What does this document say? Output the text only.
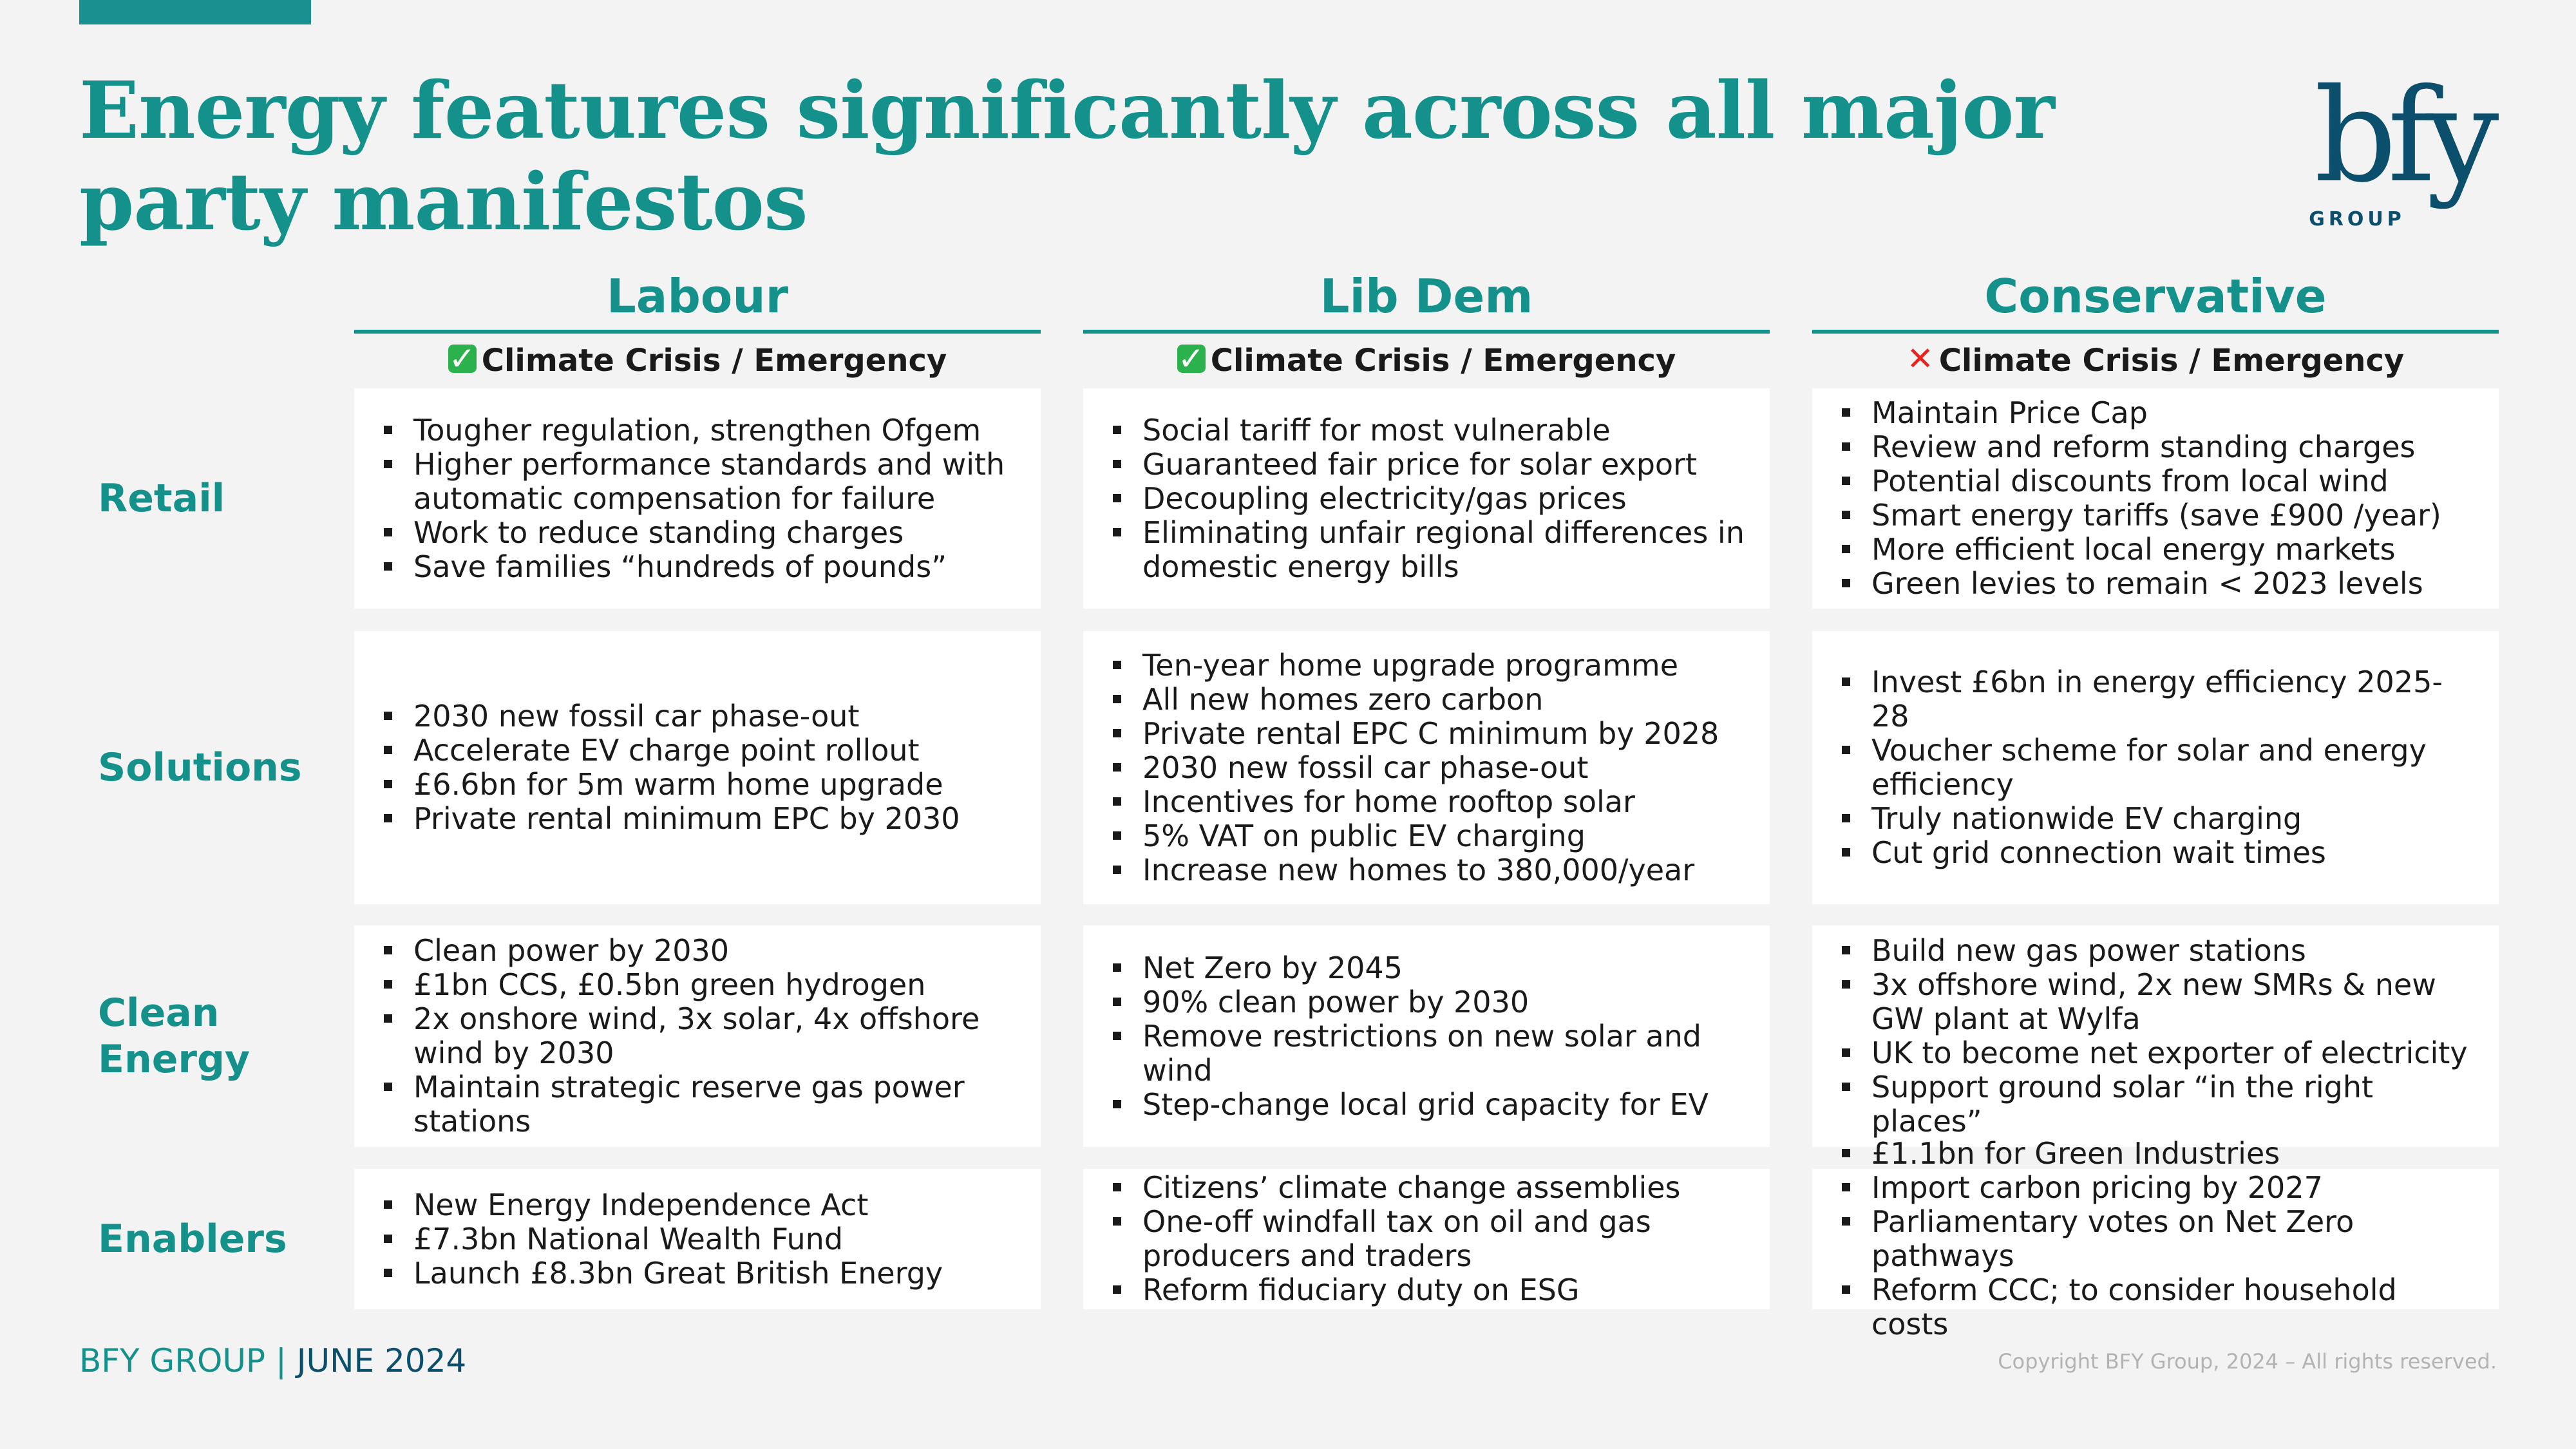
Energy features significantly across all major party manifestos	bfy
GROUP
Labour
✓ Climate Crisis / Emergency
Lib Dem
✓ Climate Crisis / Emergency
Conservative
✕ Climate Crisis / Emergency
Retail
Tougher regulation, strengthen Ofgem
Higher performance standards and with automatic compensation for failure
Work to reduce standing charges
Save families “hundreds of pounds”
Social tariff for most vulnerable
Guaranteed fair price for solar export
Decoupling electricity/gas prices
Eliminating unfair regional differences in domestic energy bills
Maintain Price Cap
Review and reform standing charges
Potential discounts from local wind
Smart energy tariffs (save £900 /year)
More efficient local energy markets
Green levies to remain < 2023 levels
Solutions
2030 new fossil car phase-out
Accelerate EV charge point rollout
£6.6bn for 5m warm home upgrade
Private rental minimum EPC by 2030
Ten-year home upgrade programme
All new homes zero carbon
Private rental EPC C minimum by 2028
2030 new fossil car phase-out
Incentives for home rooftop solar
5% VAT on public EV charging
Increase new homes to 380,000/year
Invest £6bn in energy efficiency 2025-28
Voucher scheme for solar and energy efficiency
Truly nationwide EV charging
Cut grid connection wait times
Clean Energy
Clean power by 2030
£1bn CCS, £0.5bn green hydrogen
2x onshore wind, 3x solar, 4x offshore wind by 2030
Maintain strategic reserve gas power stations
Net Zero by 2045
90% clean power by 2030
Remove restrictions on new solar and wind
Step-change local grid capacity for EV
Build new gas power stations
3x offshore wind, 2x new SMRs & new GW plant at Wylfa
UK to become net exporter of electricity
Support ground solar “in the right places”
Enablers
New Energy Independence Act
£7.3bn National Wealth Fund
Launch £8.3bn Great British Energy
Citizens’ climate change assemblies
One-off windfall tax on oil and gas producers and traders
Reform fiduciary duty on ESG
£1.1bn for Green Industries
Import carbon pricing by 2027
Parliamentary votes on Net Zero pathways
Reform CCC; to consider household costs
BFY GROUP | JUNE 2024	Copyright BFY Group, 2024 – All rights reserved.
